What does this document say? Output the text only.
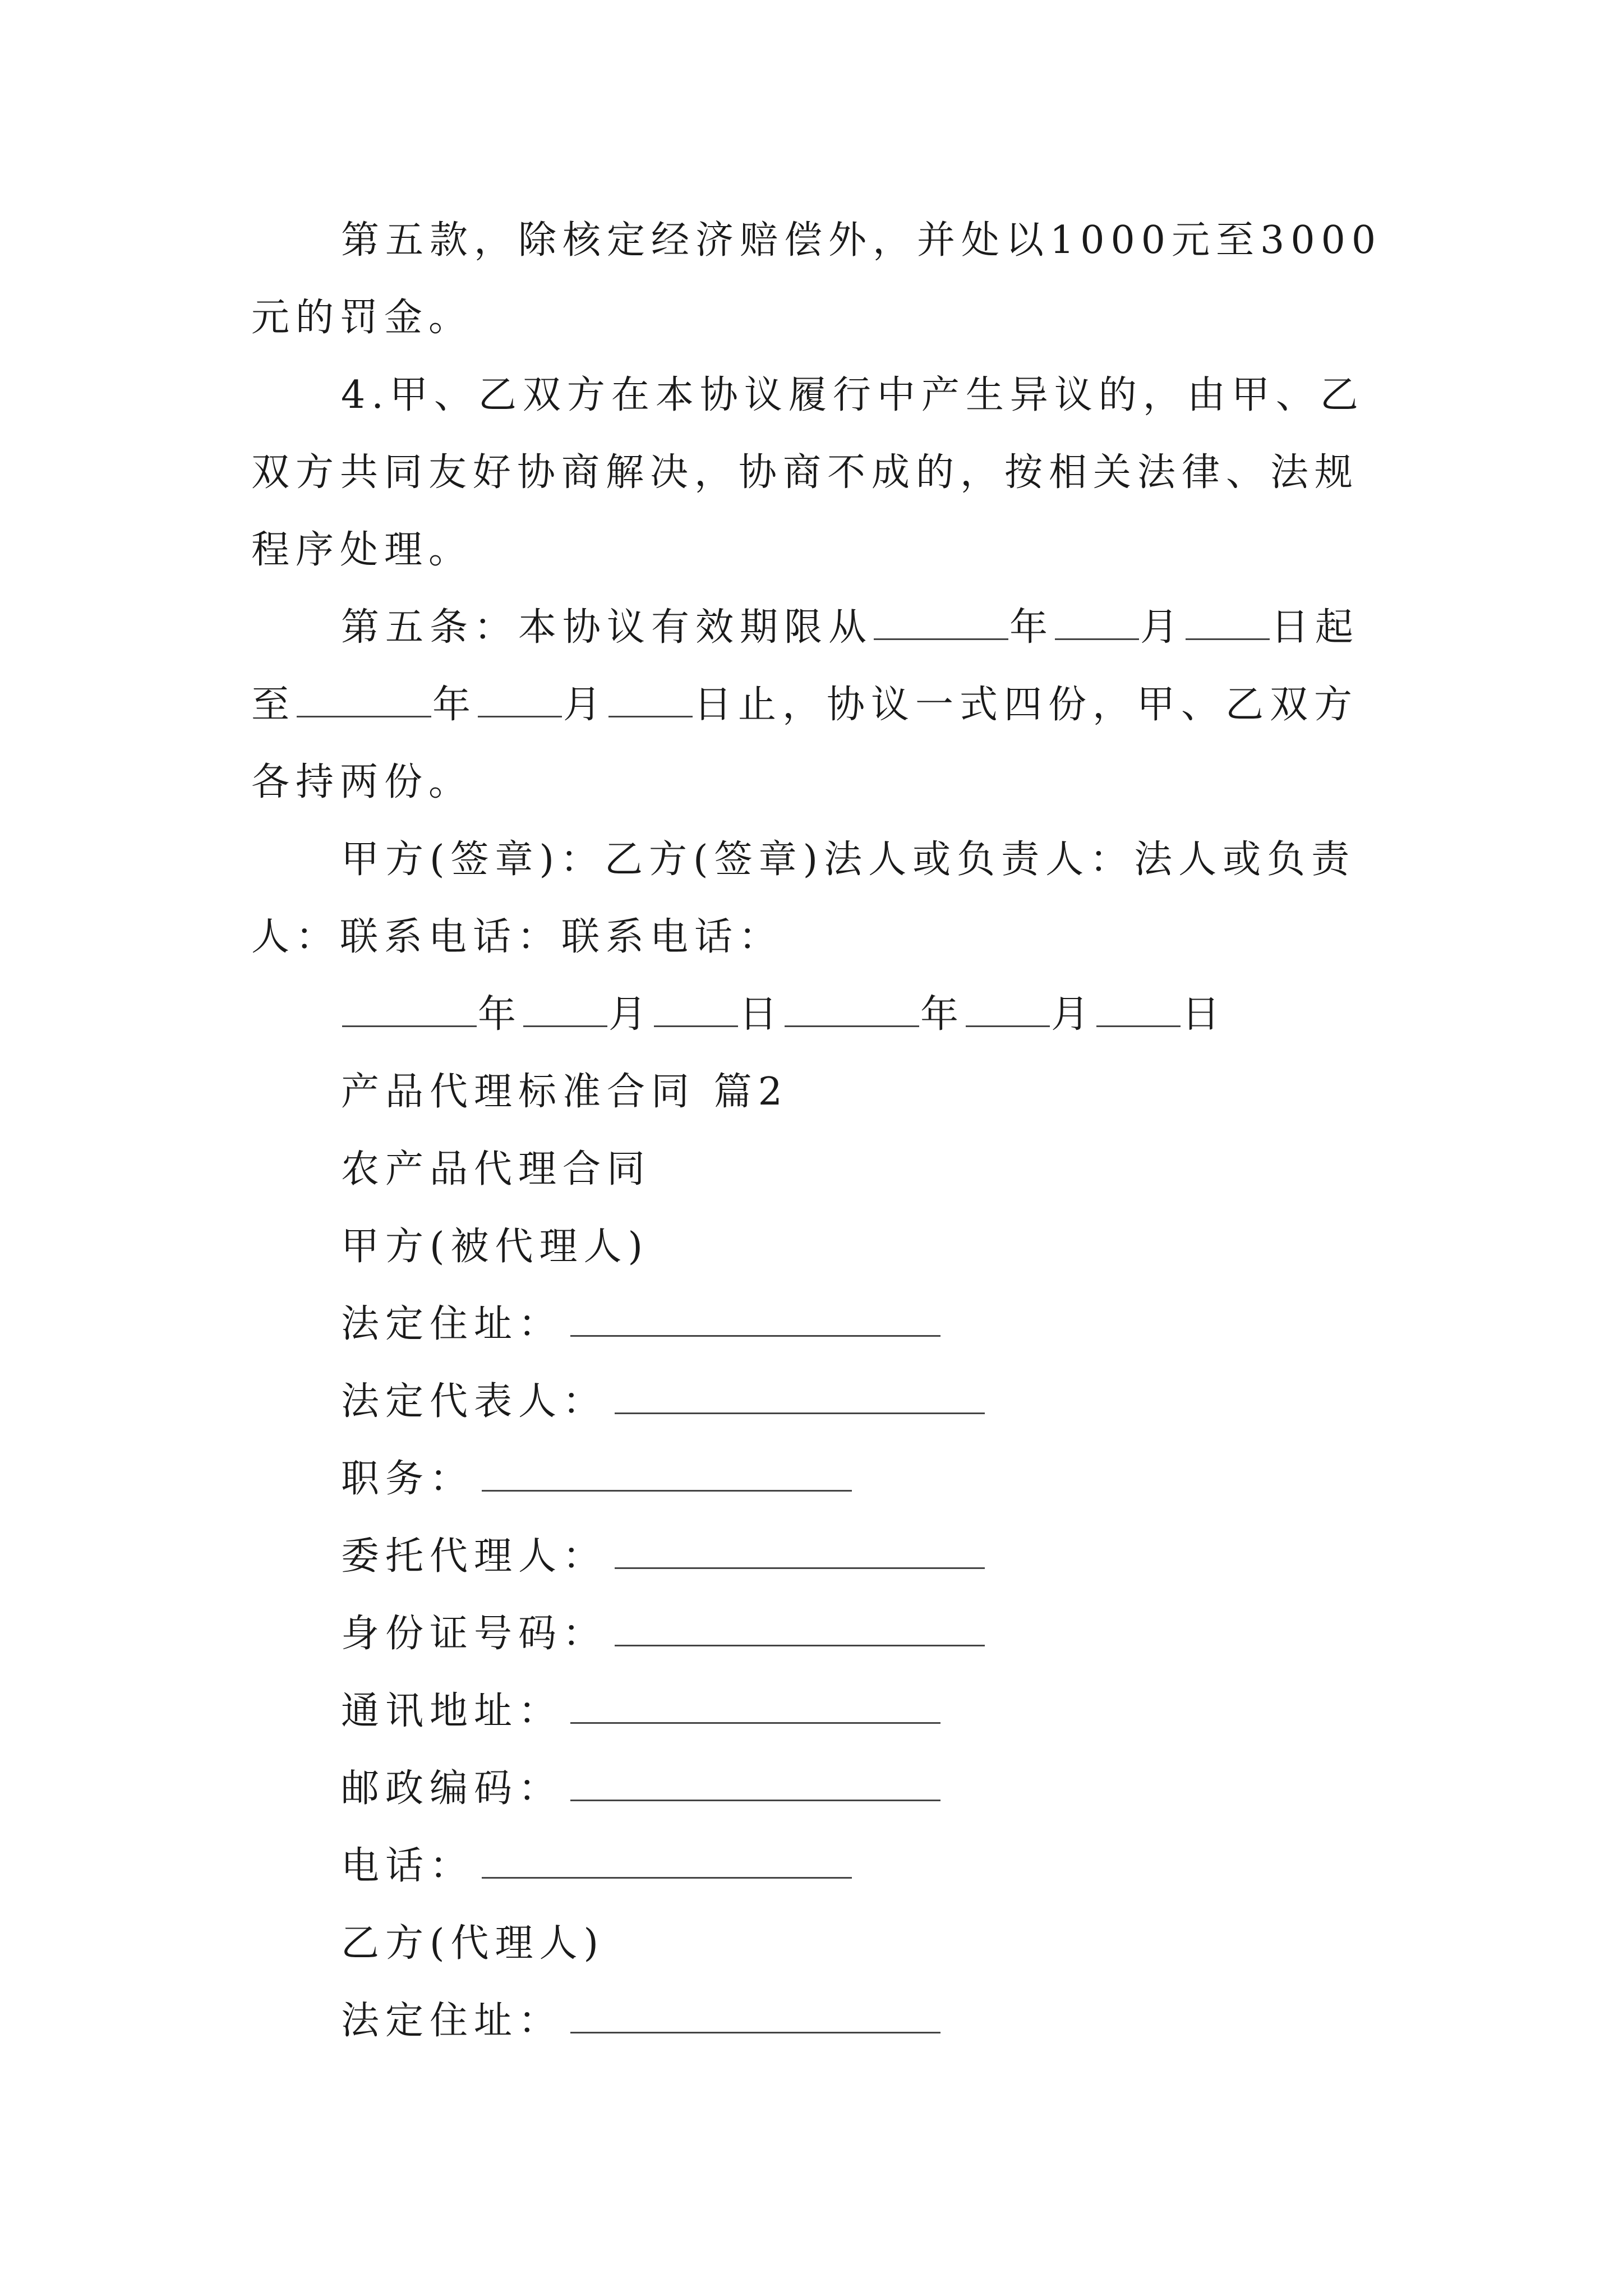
第五款，除核定经济赔偿外，并处以1000元至3000元的罚金。

4.甲、乙双方在本协议履行中产生异议的，由甲、乙双方共同友好协商解决，协商不成的，按相关法律、法规程序处理。

第五条：本协议有效期限从	年 月 日起至	年 月 日止，协议一式四份，甲、乙双方各持两份。

甲方(签章)：乙方(签章)法人或负责人：法人或负责人：联系电话：联系电话：

年 月 日	年 月 日

产品代理标准合同 篇2

农产品代理合同

甲方(被代理人)

法定住址：

法定代表人：

职务：

委托代理人：

身份证号码：

通讯地址：

邮政编码：

电话：

乙方(代理人)

法定住址：
